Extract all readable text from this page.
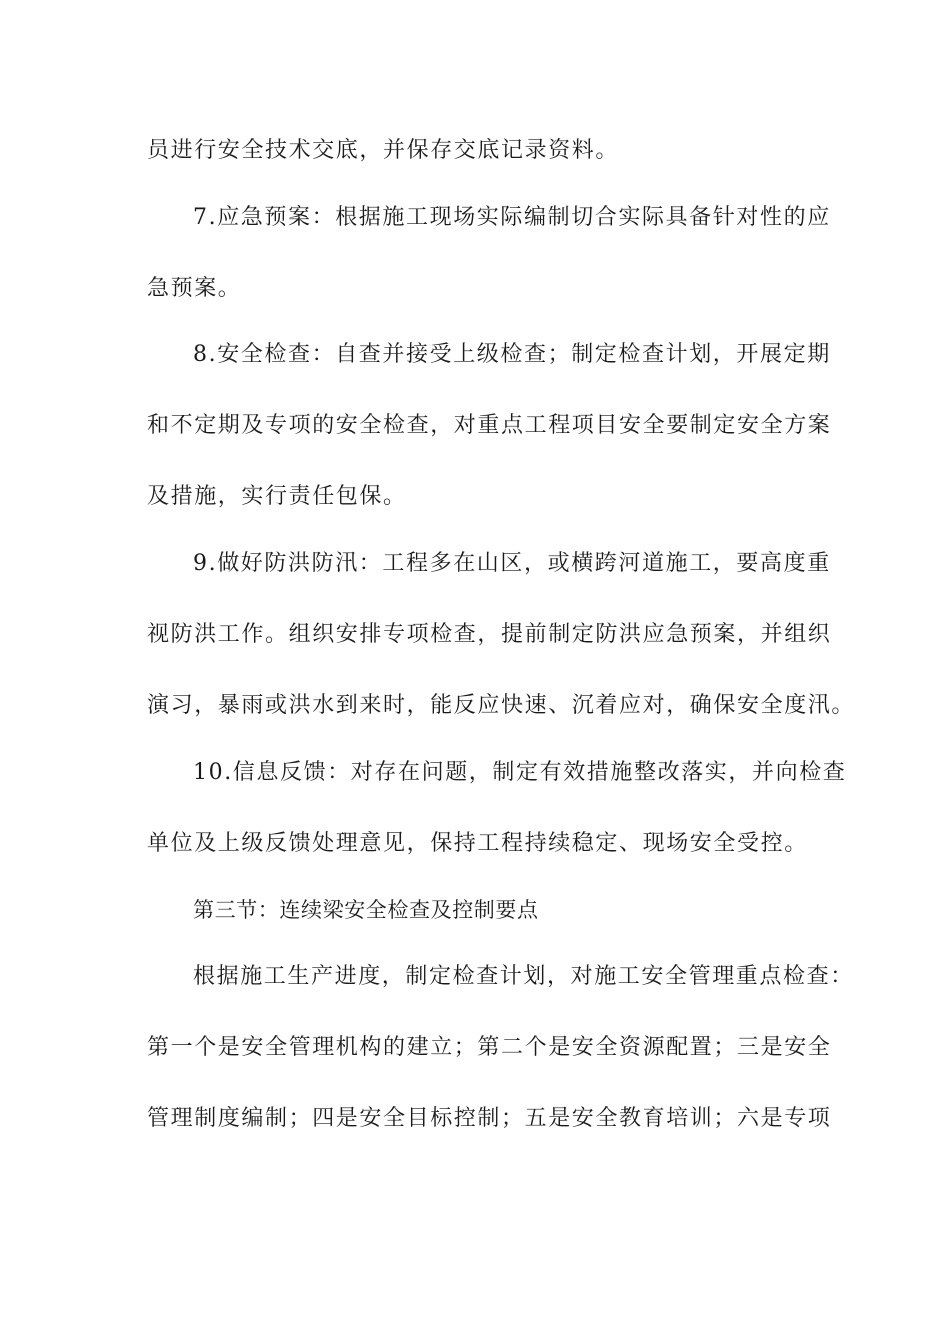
员进行安全技术交底，并保存交底记录资料。
7.应急预案：根据施工现场实际编制切合实际具备针对性的应
急预案。
8.安全检查：自查并接受上级检查；制定检查计划，开展定期
和不定期及专项的安全检查，对重点工程项目安全要制定安全方案
及措施，实行责任包保。
9.做好防洪防汛：工程多在山区，或横跨河道施工，要高度重
视防洪工作。组织安排专项检查，提前制定防洪应急预案，并组织
演习，暴雨或洪水到来时，能反应快速、沉着应对，确保安全度汛。
10.信息反馈：对存在问题，制定有效措施整改落实，并向检查
单位及上级反馈处理意见，保持工程持续稳定、现场安全受控。
第三节：连续梁安全检查及控制要点
根据施工生产进度，制定检查计划，对施工安全管理重点检查：
第一个是安全管理机构的建立；第二个是安全资源配置；三是安全
管理制度编制；四是安全目标控制；五是安全教育培训；六是专项
